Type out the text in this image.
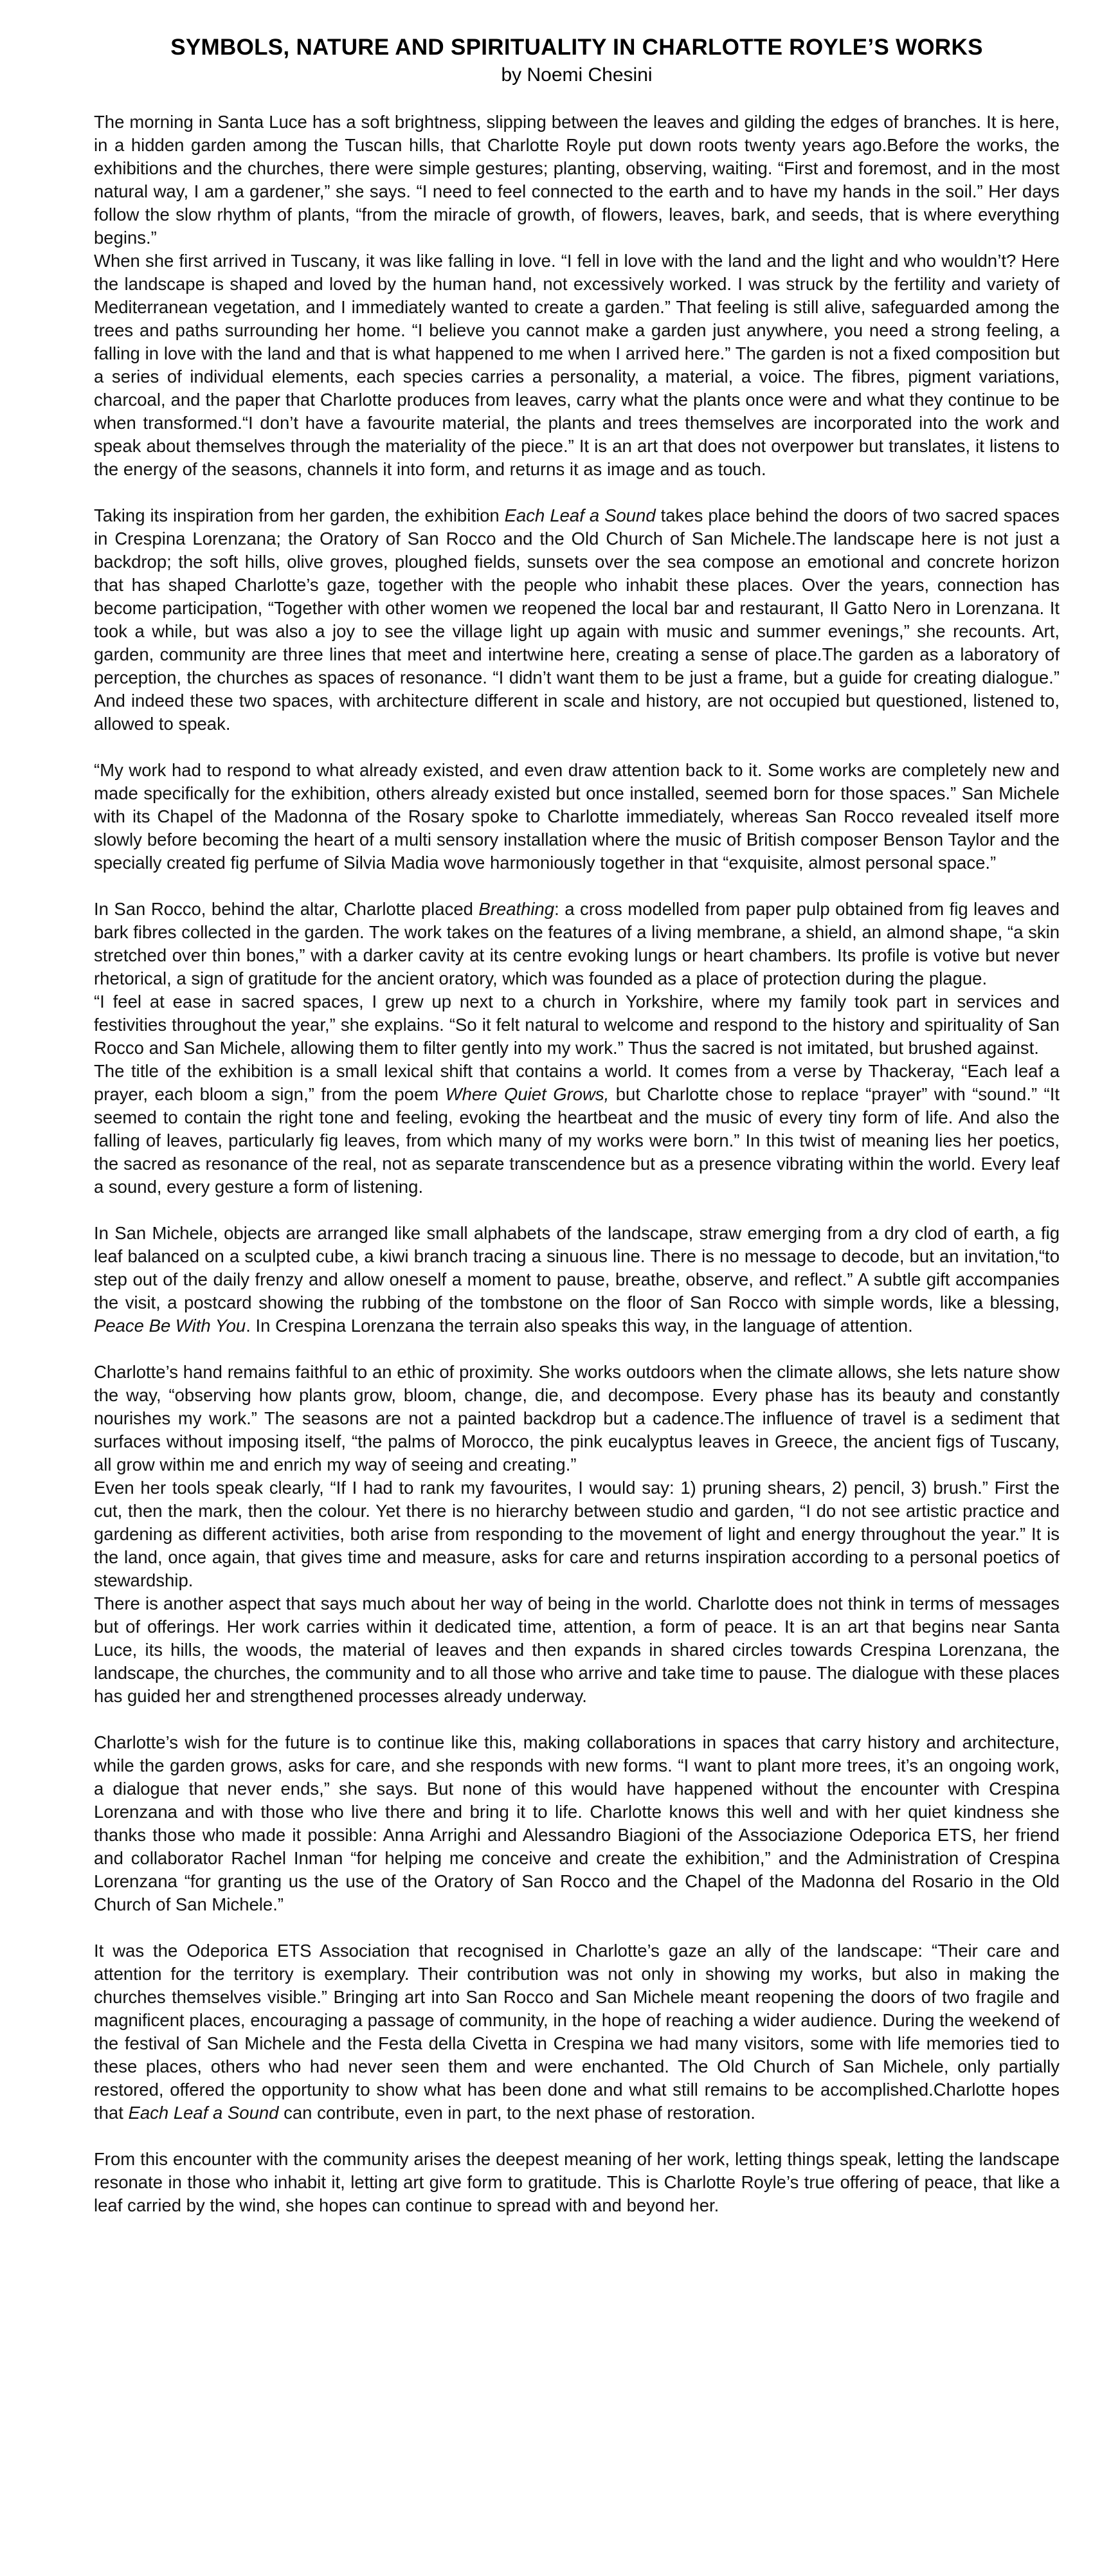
SYMBOLS, NATURE AND SPIRITUALITY IN CHARLOTTE ROYLE’S WORKS
by Noemi Chesini

The morning in Santa Luce has a soft brightness, slipping between the leaves and gilding the edges of branches. It is here, in a hidden garden among the Tuscan hills, that Charlotte Royle put down roots twenty years ago.Before the works, the exhibitions and the churches, there were simple gestures; planting, observing, waiting. “First and foremost, and in the most natural way, I am a gardener,” she says. “I need to feel connected to the earth and to have my hands in the soil.” Her days follow the slow rhythm of plants, “from the miracle of growth, of flowers, leaves, bark, and seeds, that is where everything begins.”

When she first arrived in Tuscany, it was like falling in love. “I fell in love with the land and the light and who wouldn’t? Here the landscape is shaped and loved by the human hand, not excessively worked. I was struck by the fertility and variety of Mediterranean vegetation, and I immediately wanted to create a garden.” That feeling is still alive, safeguarded among the trees and paths surrounding her home. “I believe you cannot make a garden just anywhere, you need a strong feeling, a falling in love with the land and that is what happened to me when I arrived here.” The garden is not a fixed composition but a series of individual elements, each species carries a personality, a material, a voice. The fibres, pigment variations, charcoal, and the paper that Charlotte produces from leaves, carry what the plants once were and what they continue to be when transformed.“I don’t have a favourite material, the plants and trees themselves are incorporated into the work and speak about themselves through the materiality of the piece.” It is an art that does not overpower but translates, it listens to the energy of the seasons, channels it into form, and returns it as image and as touch.

Taking its inspiration from her garden, the exhibition Each Leaf a Sound takes place behind the doors of two sacred spaces in Crespina Lorenzana; the Oratory of San Rocco and the Old Church of San Michele.The landscape here is not just a backdrop; the soft hills, olive groves, ploughed fields, sunsets over the sea compose an emotional and concrete horizon that has shaped Charlotte’s gaze, together with the people who inhabit these places. Over the years, connection has become participation, “Together with other women we reopened the local bar and restaurant, Il Gatto Nero in Lorenzana. It took a while, but was also a joy to see the village light up again with music and summer evenings,” she recounts. Art, garden, community are three lines that meet and intertwine here, creating a sense of place.The garden as a laboratory of perception, the churches as spaces of resonance. “I didn’t want them to be just a frame, but a guide for creating dialogue.” And indeed these two spaces, with architecture different in scale and history, are not occupied but questioned, listened to, allowed to speak.

“My work had to respond to what already existed, and even draw attention back to it. Some works are completely new and made specifically for the exhibition, others already existed but once installed, seemed born for those spaces.” San Michele with its Chapel of the Madonna of the Rosary spoke to Charlotte immediately, whereas San Rocco revealed itself more slowly before becoming the heart of a multi sensory installation where the music of British composer Benson Taylor and the specially created fig perfume of Silvia Madia wove harmoniously together in that “exquisite, almost personal space.”

In San Rocco, behind the altar, Charlotte placed Breathing: a cross modelled from paper pulp obtained from fig leaves and bark fibres collected in the garden. The work takes on the features of a living membrane, a shield, an almond shape, “a skin stretched over thin bones,” with a darker cavity at its centre evoking lungs or heart chambers. Its profile is votive but never rhetorical, a sign of gratitude for the ancient oratory, which was founded as a place of protection during the plague.

“I feel at ease in sacred spaces, I grew up next to a church in Yorkshire, where my family took part in services and festivities throughout the year,” she explains. “So it felt natural to welcome and respond to the history and spirituality of San Rocco and San Michele, allowing them to filter gently into my work.” Thus the sacred is not imitated, but brushed against.

The title of the exhibition is a small lexical shift that contains a world. It comes from a verse by Thackeray, “Each leaf a prayer, each bloom a sign,” from the poem Where Quiet Grows, but Charlotte chose to replace “prayer” with “sound.” “It seemed to contain the right tone and feeling, evoking the heartbeat and the music of every tiny form of life. And also the falling of leaves, particularly fig leaves, from which many of my works were born.” In this twist of meaning lies her poetics, the sacred as resonance of the real, not as separate transcendence but as a presence vibrating within the world. Every leaf a sound, every gesture a form of listening.

In San Michele, objects are arranged like small alphabets of the landscape, straw emerging from a dry clod of earth, a fig leaf balanced on a sculpted cube, a kiwi branch tracing a sinuous line. There is no message to decode, but an invitation,“to step out of the daily frenzy and allow oneself a moment to pause, breathe, observe, and reflect.” A subtle gift accompanies the visit, a postcard showing the rubbing of the tombstone on the floor of San Rocco with simple words, like a blessing, Peace Be With You. In Crespina Lorenzana the terrain also speaks this way, in the language of attention.

Charlotte’s hand remains faithful to an ethic of proximity. She works outdoors when the climate allows, she lets nature show the way, “observing how plants grow, bloom, change, die, and decompose. Every phase has its beauty and constantly nourishes my work.” The seasons are not a painted backdrop but a cadence.The influence of travel is a sediment that surfaces without imposing itself, “the palms of Morocco, the pink eucalyptus leaves in Greece, the ancient figs of Tuscany, all grow within me and enrich my way of seeing and creating.”

Even her tools speak clearly, “If I had to rank my favourites, I would say: 1) pruning shears, 2) pencil, 3) brush.” First the cut, then the mark, then the colour. Yet there is no hierarchy between studio and garden, “I do not see artistic practice and gardening as different activities, both arise from responding to the movement of light and energy throughout the year.” It is the land, once again, that gives time and measure, asks for care and returns inspiration according to a personal poetics of stewardship.

There is another aspect that says much about her way of being in the world. Charlotte does not think in terms of messages but of offerings. Her work carries within it dedicated time, attention, a form of peace. It is an art that begins near Santa Luce, its hills, the woods, the material of leaves and then expands in shared circles towards Crespina Lorenzana, the landscape, the churches, the community and to all those who arrive and take time to pause. The dialogue with these places has guided her and strengthened processes already underway.

Charlotte’s wish for the future is to continue like this, making collaborations in spaces that carry history and architecture, while the garden grows, asks for care, and she responds with new forms. “I want to plant more trees, it’s an ongoing work, a dialogue that never ends,” she says. But none of this would have happened without the encounter with Crespina Lorenzana and with those who live there and bring it to life. Charlotte knows this well and with her quiet kindness she thanks those who made it possible: Anna Arrighi and Alessandro Biagioni of the Associazione Odeporica ETS, her friend and collaborator Rachel Inman “for helping me conceive and create the exhibition,” and the Administration of Crespina Lorenzana “for granting us the use of the Oratory of San Rocco and the Chapel of the Madonna del Rosario in the Old Church of San Michele.”

It was the Odeporica ETS Association that recognised in Charlotte’s gaze an ally of the landscape: “Their care and attention for the territory is exemplary. Their contribution was not only in showing my works, but also in making the churches themselves visible.” Bringing art into San Rocco and San Michele meant reopening the doors of two fragile and magnificent places, encouraging a passage of community, in the hope of reaching a wider audience. During the weekend of the festival of San Michele and the Festa della Civetta in Crespina we had many visitors, some with life memories tied to these places, others who had never seen them and were enchanted. The Old Church of San Michele, only partially restored, offered the opportunity to show what has been done and what still remains to be accomplished.Charlotte hopes that Each Leaf a Sound can contribute, even in part, to the next phase of restoration.

From this encounter with the community arises the deepest meaning of her work, letting things speak, letting the landscape resonate in those who inhabit it, letting art give form to gratitude. This is Charlotte Royle’s true offering of peace, that like a leaf carried by the wind, she hopes can continue to spread with and beyond her.
